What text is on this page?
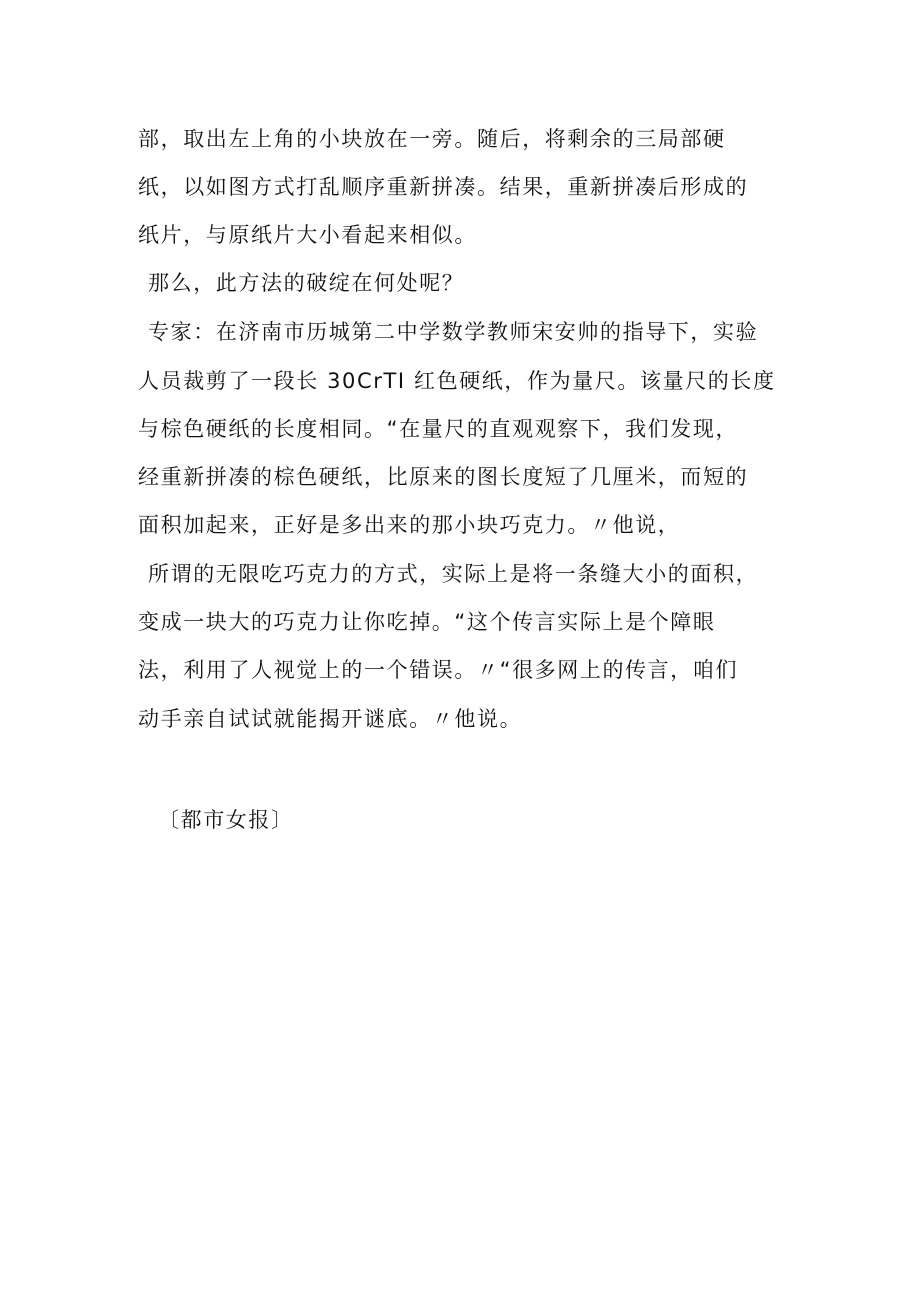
部，取出左上角的小块放在一旁。随后，将剩余的三局部硬
纸，以如图方式打乱顺序重新拼凑。结果，重新拼凑后形成的
纸片，与原纸片大小看起来相似。
那么，此方法的破绽在何处呢？
专家：在济南市历城第二中学数学教师宋安帅的指导下，实验
人员裁剪了一段长 30CrTI 红色硬纸，作为量尺。该量尺的长度
与棕色硬纸的长度相同。“在量尺的直观观察下，我们发现，
经重新拼凑的棕色硬纸，比原来的图长度短了几厘米，而短的
面积加起来，正好是多出来的那小块巧克力。〃他说，
所谓的无限吃巧克力的方式，实际上是将一条缝大小的面积，
变成一块大的巧克力让你吃掉。“这个传言实际上是个障眼
法，利用了人视觉上的一个错误。〃“很多网上的传言，咱们
动手亲自试试就能揭开谜底。〃他说。
〔都市女报〕
